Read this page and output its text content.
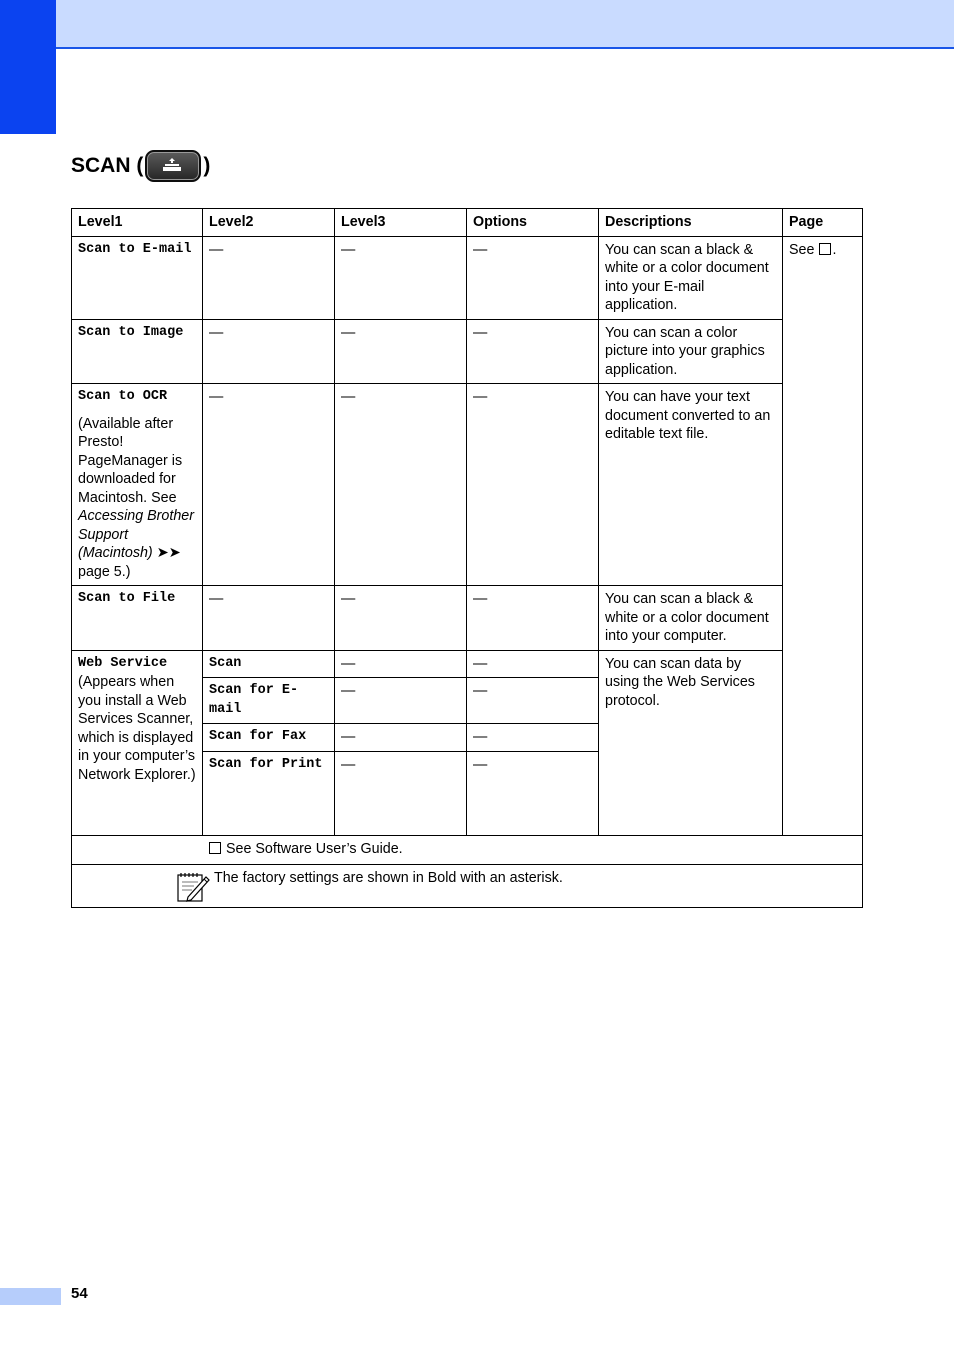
SCAN (	)
Level1	Level2	Level3	Options	Descriptions	Page
Scan to E-mail	—	—	—	You can scan a black & white or a color document into your E-mail application.	See .
Scan to Image	—	—	—	You can scan a color picture into your graphics application.	

Scan to OCR
(Available after Presto! PageManager is downloaded for Macintosh. See Accessing Brother Support (Macintosh) ➤➤ page 5.)	—	—	—	You can have your text document converted to an editable text file.	
Scan to File	—	—	—	You can scan a black & white or a color document into your computer.	

Web Service
(Appears when you install a Web Services Scanner, which is displayed in your computer’s Network Explorer.)	Scan	—	—	You can scan data by using the Web Services protocol.	
	Scan for E-mail	—	—		
	Scan for Fax	—	—		
	Scan for Print	—	—		
See Software User’s Guide.					

The factory settings are shown in Bold with an asterisk.					
54
